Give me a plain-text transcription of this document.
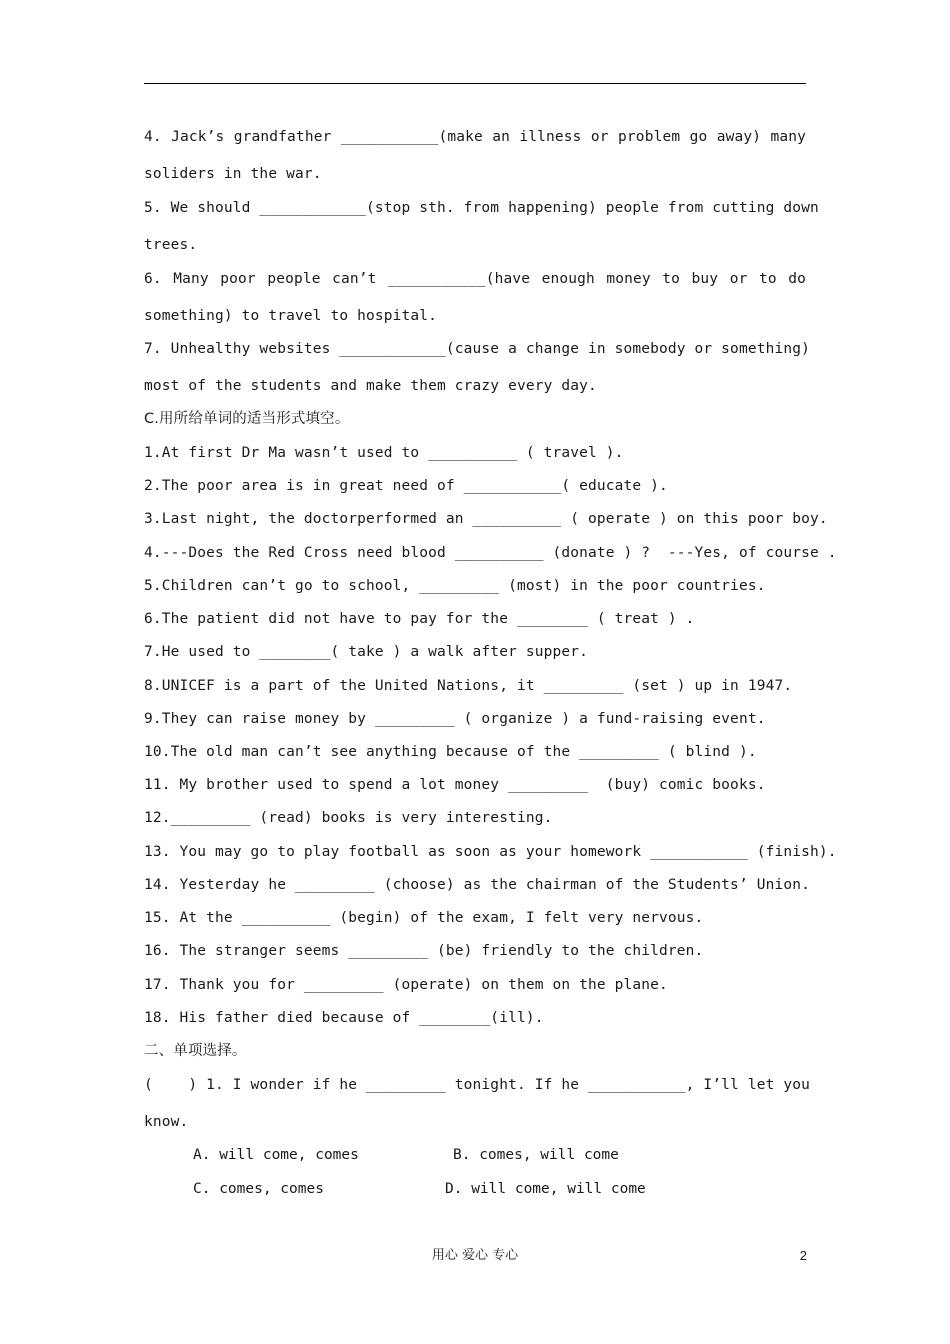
4. Jack’s grandfather ___________(make an illness or problem go away) many
soliders in the war.
5. We should ____________(stop sth. from happening) people from cutting down
trees.
6. Many poor people can’t ___________(have enough money to buy or to do
something) to travel to hospital.
7. Unhealthy websites ____________(cause a change in somebody or something)
most of the students and make them crazy every day.
C.用所给单词的适当形式填空。
1.At first Dr Ma wasn’t used to __________ ( travel ).
2.The poor area is in great need of ___________( educate ).
3.Last night, the doctorperformed an __________ ( operate ) on this poor boy.
4.---Does the Red Cross need blood __________ (donate ) ?  ---Yes, of course .
5.Children can’t go to school, _________ (most) in the poor countries.
6.The patient did not have to pay for the ________ ( treat ) .
7.He used to ________( take ) a walk after supper.
8.UNICEF is a part of the United Nations, it _________ (set ) up in 1947.
9.They can raise money by _________ ( organize ) a fund-raising event.
10.The old man can’t see anything because of the _________ ( blind ).
11. My brother used to spend a lot money _________  (buy) comic books.
12._________ (read) books is very interesting.
13. You may go to play football as soon as your homework ___________ (finish).
14. Yesterday he _________ (choose) as the chairman of the Students’ Union.
15. At the __________ (begin) of the exam, I felt very nervous.
16. The stranger seems _________ (be) friendly to the children.
17. Thank you for _________ (operate) on them on the plane.
18. His father died because of ________(ill).
二、单项选择。
(    ) 1. I wonder if he _________ tonight. If he ___________, I’ll let you
know.
A. will come, comes	B. comes, will come
C. comes, comes	D. will come, will come
用心 爱心 专心	2
